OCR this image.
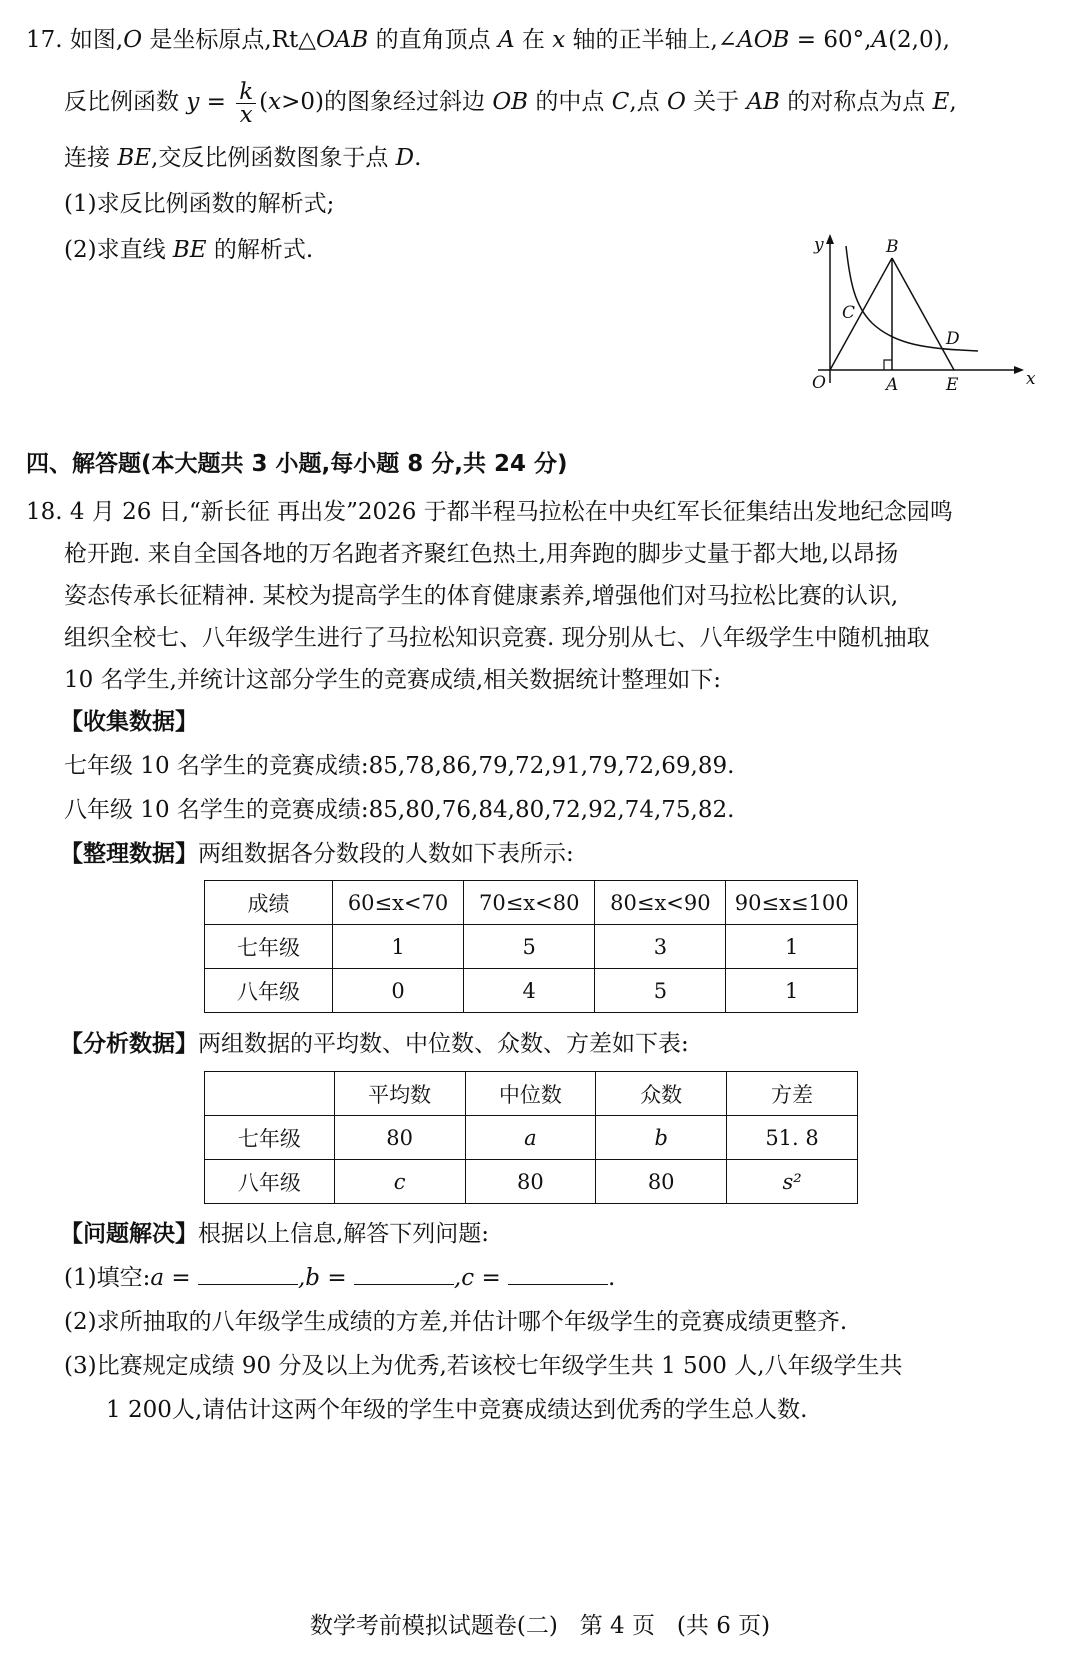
17. 如图,O 是坐标原点,Rt△OAB 的直角顶点 A 在 x 轴的正半轴上,∠AOB = 60°,A(2,0),
反比例函数 $y = \frac{k}{x} (x>0)$的图象经过斜边 OB 的中点 C,点 O 关于 AB 的对称点为点 E,
连接 BE,交反比例函数图象于点 D.
(1)求反比例函数的解析式;
(2)求直线 BE 的解析式.	y
x
O	A	E
B
C
D
四、解答题(本大题共 3 小题,每小题 8 分,共 24 分)
18. 4 月 26 日,“新长征 再出发”2026 于都半程马拉松在中央红军长征集结出发地纪念园鸣
枪开跑. 来自全国各地的万名跑者齐聚红色热土,用奔跑的脚步丈量于都大地,以昂扬
姿态传承长征精神. 某校为提高学生的体育健康素养,增强他们对马拉松比赛的认识,
组织全校七、八年级学生进行了马拉松知识竞赛. 现分别从七、八年级学生中随机抽取
10 名学生,并统计这部分学生的竞赛成绩,相关数据统计整理如下:
【收集数据】
七年级 10 名学生的竞赛成绩:85,78,86,79,72,91,79,72,69,89.
八年级 10 名学生的竞赛成绩:85,80,76,84,80,72,92,74,75,82.
【整理数据】两组数据各分数段的人数如下表所示:
成绩	60≤x<70	70≤x<80	80≤x<90	90≤x≤100
七年级	1	5	3	1
八年级	0	4	5	1
【分析数据】两组数据的平均数、中位数、众数、方差如下表:
	平均数	中位数	众数	方差
七年级	80	a	b	51. 8
八年级	c	80	80	s²
【问题解决】根据以上信息,解答下列问题:
(1)填空:a =	,b =	,c =	.
(2)求所抽取的八年级学生成绩的方差,并估计哪个年级学生的竞赛成绩更整齐.
(3)比赛规定成绩 90 分及以上为优秀,若该校七年级学生共 1 500 人,八年级学生共
1 200人,请估计这两个年级的学生中竞赛成绩达到优秀的学生总人数.
数学考前模拟试题卷(二)   第 4 页   (共 6 页)
